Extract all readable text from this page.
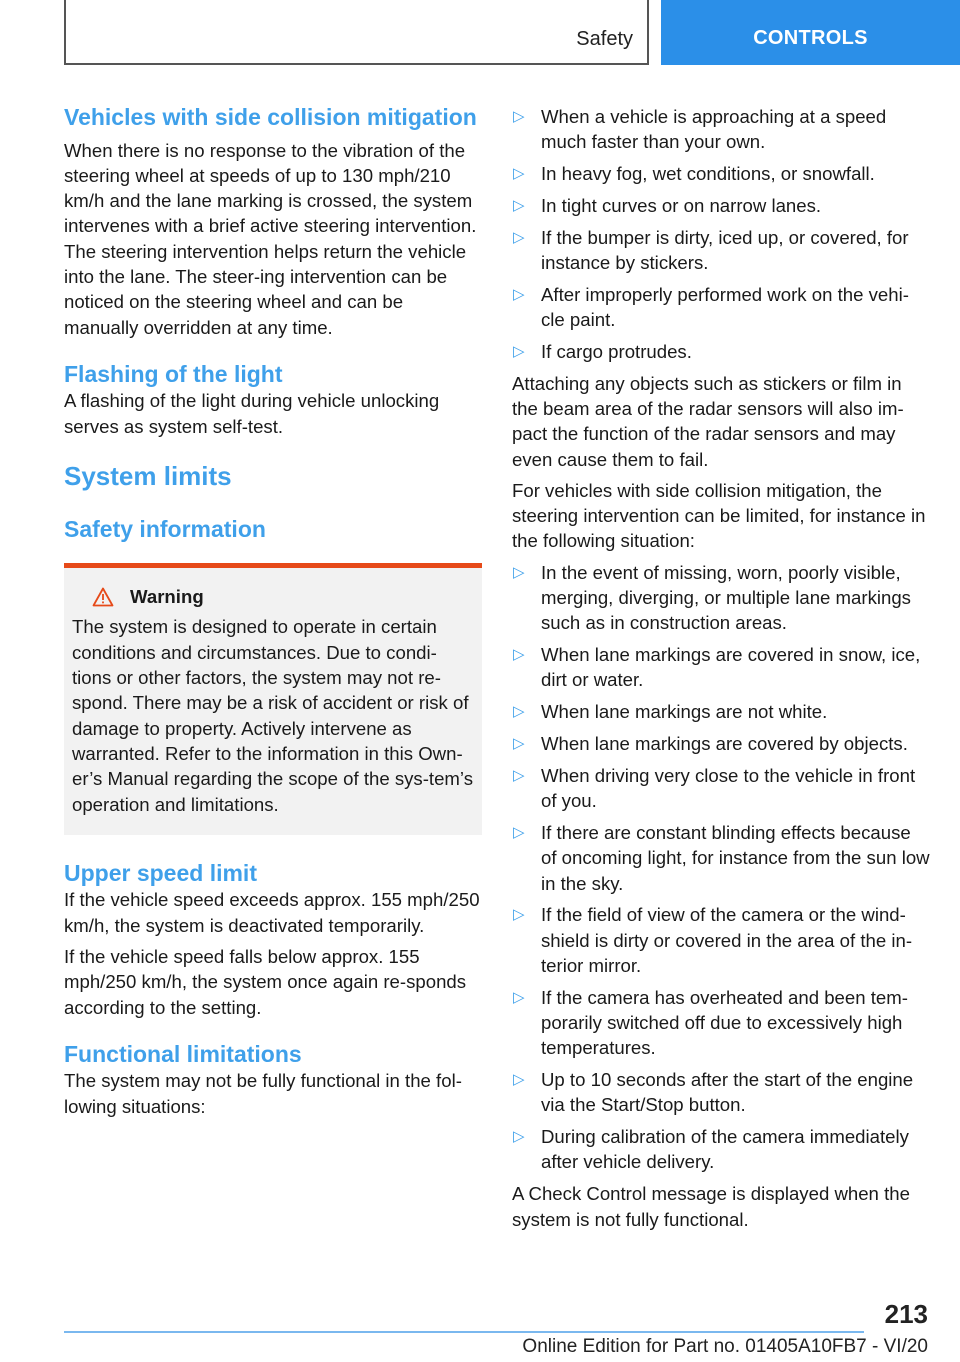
Safety	CONTROLS
Vehicles with side collision mitigation

When there is no response to the vibration of the steering wheel at speeds of up to 130 mph/210 km/h and the lane marking is crossed, the system intervenes with a brief active steering intervention. The steering intervention helps return the vehicle into the lane. The steer‐ing intervention can be noticed on the steering wheel and can be manually overridden at any time.

Flashing of the light

A flashing of the light during vehicle unlocking serves as system self-test.

System limits
Safety information
Warning

The system is designed to operate in certain conditions and circumstances. Due to condi‐tions or other factors, the system may not re‐spond. There may be a risk of accident or risk of damage to property. Actively intervene as warranted. Refer to the information in this Own‐er’s Manual regarding the scope of the sys‐tem’s operation and limitations.

Upper speed limit

If the vehicle speed exceeds approx. 155 mph/250 km/h, the system is deactivated temporarily.

If the vehicle speed falls below approx. 155 mph/250 km/h, the system once again re‐sponds according to the setting.

Functional limitations

The system may not be fully functional in the fol‐lowing situations:

▷ When a vehicle is approaching at a speed much faster than your own.
▷ In heavy fog, wet conditions, or snowfall.
▷ In tight curves or on narrow lanes.
▷ If the bumper is dirty, iced up, or covered, for instance by stickers.
▷ After improperly performed work on the vehi‐cle paint.
▷ If cargo protrudes.

Attaching any objects such as stickers or film in the beam area of the radar sensors will also im‐pact the function of the radar sensors and may even cause them to fail.

For vehicles with side collision mitigation, the steering intervention can be limited, for instance in the following situation:

▷ In the event of missing, worn, poorly visible, merging, diverging, or multiple lane markings such as in construction areas.
▷ When lane markings are covered in snow, ice, dirt or water.
▷ When lane markings are not white.
▷ When lane markings are covered by objects.
▷ When driving very close to the vehicle in front of you.
▷ If there are constant blinding effects because of oncoming light, for instance from the sun low in the sky.
▷ If the field of view of the camera or the wind‐shield is dirty or covered in the area of the in‐terior mirror.
▷ If the camera has overheated and been tem‐porarily switched off due to excessively high temperatures.
▷ Up to 10 seconds after the start of the engine via the Start/Stop button.
▷ During calibration of the camera immediately after vehicle delivery.

A Check Control message is displayed when the system is not fully functional.

213
Online Edition for Part no. 01405A10FB7 - VI/20
